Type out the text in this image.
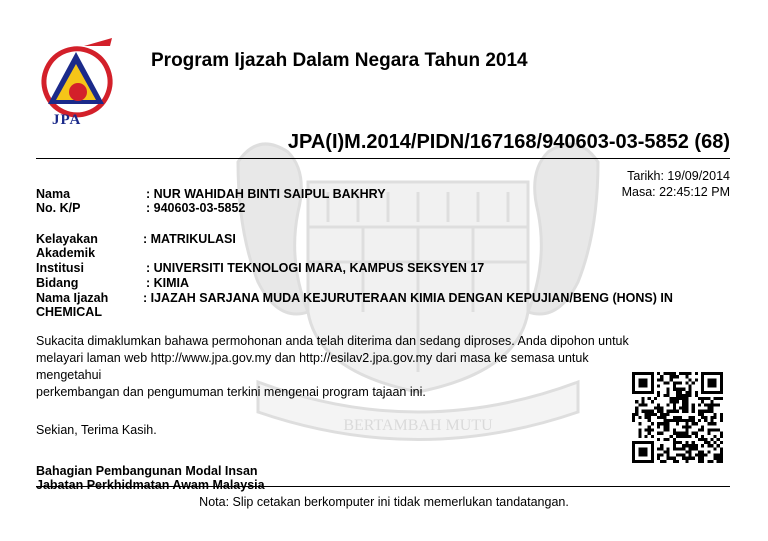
BERTAMBAH MUTU
JPA
Program Ijazah Dalam Negara Tahun 2014
JPA(I)M.2014/PIDN/167168/940603-03-5852 (68)
Tarikh: 19/09/2014
Masa: 22:45:12 PM
Nama	: NUR WAHIDAH BINTI SAIPUL BAKHRY
No. K/P	: 940603-03-5852
Kelayakan	: MATRIKULASI
Akademik
Institusi	: UNIVERSITI TEKNOLOGI MARA, KAMPUS SEKSYEN 17
Bidang	: KIMIA
Nama Ijazah	: IJAZAH SARJANA MUDA KEJURUTERAAN KIMIA DENGAN KEPUJIAN/BENG (HONS) IN
CHEMICAL
Sukacita dimaklumkan bahawa permohonan anda telah diterima dan sedang diproses. Anda dipohon untuk
melayari laman web http://www.jpa.gov.my dan http://esilav2.jpa.gov.my dari masa ke semasa untuk mengetahui
perkembangan dan pengumuman terkini mengenai program tajaan ini.
Sekian, Terima Kasih.
Bahagian Pembangunan Modal Insan
Jabatan Perkhidmatan Awam Malaysia
Nota: Slip cetakan berkomputer ini tidak memerlukan tandatangan.
